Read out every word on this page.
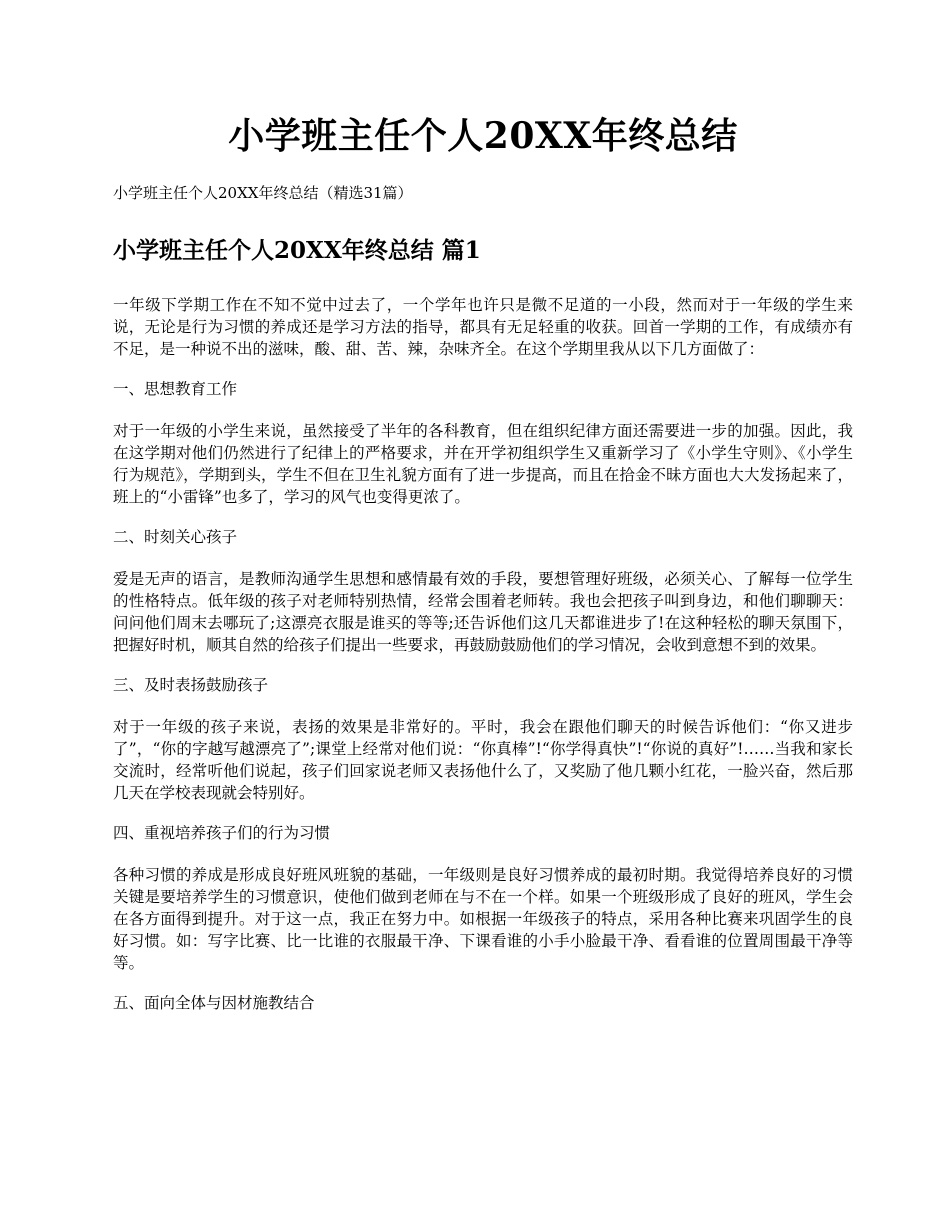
小学班主任个人20XX年终总结

小学班主任个人20XX年终总结（精选31篇）

小学班主任个人20XX年终总结 篇1

一年级下学期工作在不知不觉中过去了，一个学年也许只是微不足道的一小段，然而对于一年级的学生来说，无论是行为习惯的养成还是学习方法的指导，都具有无足轻重的收获。回首一学期的工作，有成绩亦有不足，是一种说不出的滋味，酸、甜、苦、辣，杂味齐全。在这个学期里我从以下几方面做了：

一、思想教育工作

对于一年级的小学生来说，虽然接受了半年的各科教育，但在组织纪律方面还需要进一步的加强。因此，我在这学期对他们仍然进行了纪律上的严格要求，并在开学初组织学生又重新学习了《小学生守则》、《小学生行为规范》，学期到头，学生不但在卫生礼貌方面有了进一步提高，而且在拾金不昧方面也大大发扬起来了，班上的“小雷锋”也多了，学习的风气也变得更浓了。

二、时刻关心孩子

爱是无声的语言，是教师沟通学生思想和感情最有效的手段，要想管理好班级，必须关心、了解每一位学生的性格特点。低年级的孩子对老师特别热情，经常会围着老师转。我也会把孩子叫到身边，和他们聊聊天：问问他们周末去哪玩了;这漂亮衣服是谁买的等等;还告诉他们这几天都谁进步了!在这种轻松的聊天氛围下，把握好时机，顺其自然的给孩子们提出一些要求，再鼓励鼓励他们的学习情况，会收到意想不到的效果。

三、及时表扬鼓励孩子

对于一年级的孩子来说，表扬的效果是非常好的。平时，我会在跟他们聊天的时候告诉他们：“你又进步了”，“你的字越写越漂亮了”;课堂上经常对他们说：“你真棒”!“你学得真快”!“你说的真好”!……当我和家长交流时，经常听他们说起，孩子们回家说老师又表扬他什么了，又奖励了他几颗小红花，一脸兴奋，然后那几天在学校表现就会特别好。

四、重视培养孩子们的行为习惯

各种习惯的养成是形成良好班风班貌的基础，一年级则是良好习惯养成的最初时期。我觉得培养良好的习惯关键是要培养学生的习惯意识，使他们做到老师在与不在一个样。如果一个班级形成了良好的班风，学生会在各方面得到提升。对于这一点，我正在努力中。如根据一年级孩子的特点，采用各种比赛来巩固学生的良好习惯。如：写字比赛、比一比谁的衣服最干净、下课看谁的小手小脸最干净、看看谁的位置周围最干净等等。

五、面向全体与因材施教结合
